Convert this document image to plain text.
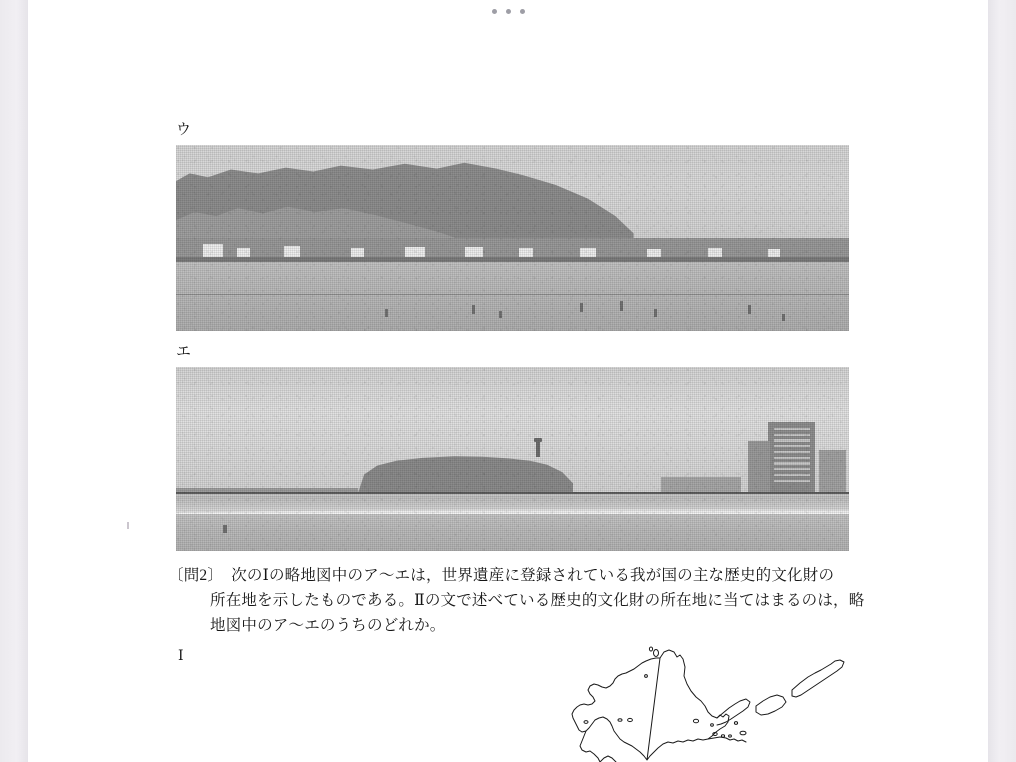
ウ
エ
〔問2〕 次のⅠの略地図中のア〜エは，世界遺産に登録されている我が国の主な歴史的文化財の
所在地を示したものである。Ⅱの文で述べている歴史的文化財の所在地に当てはまるのは，略
地図中のア〜エのうちのどれか。
Ⅰ
